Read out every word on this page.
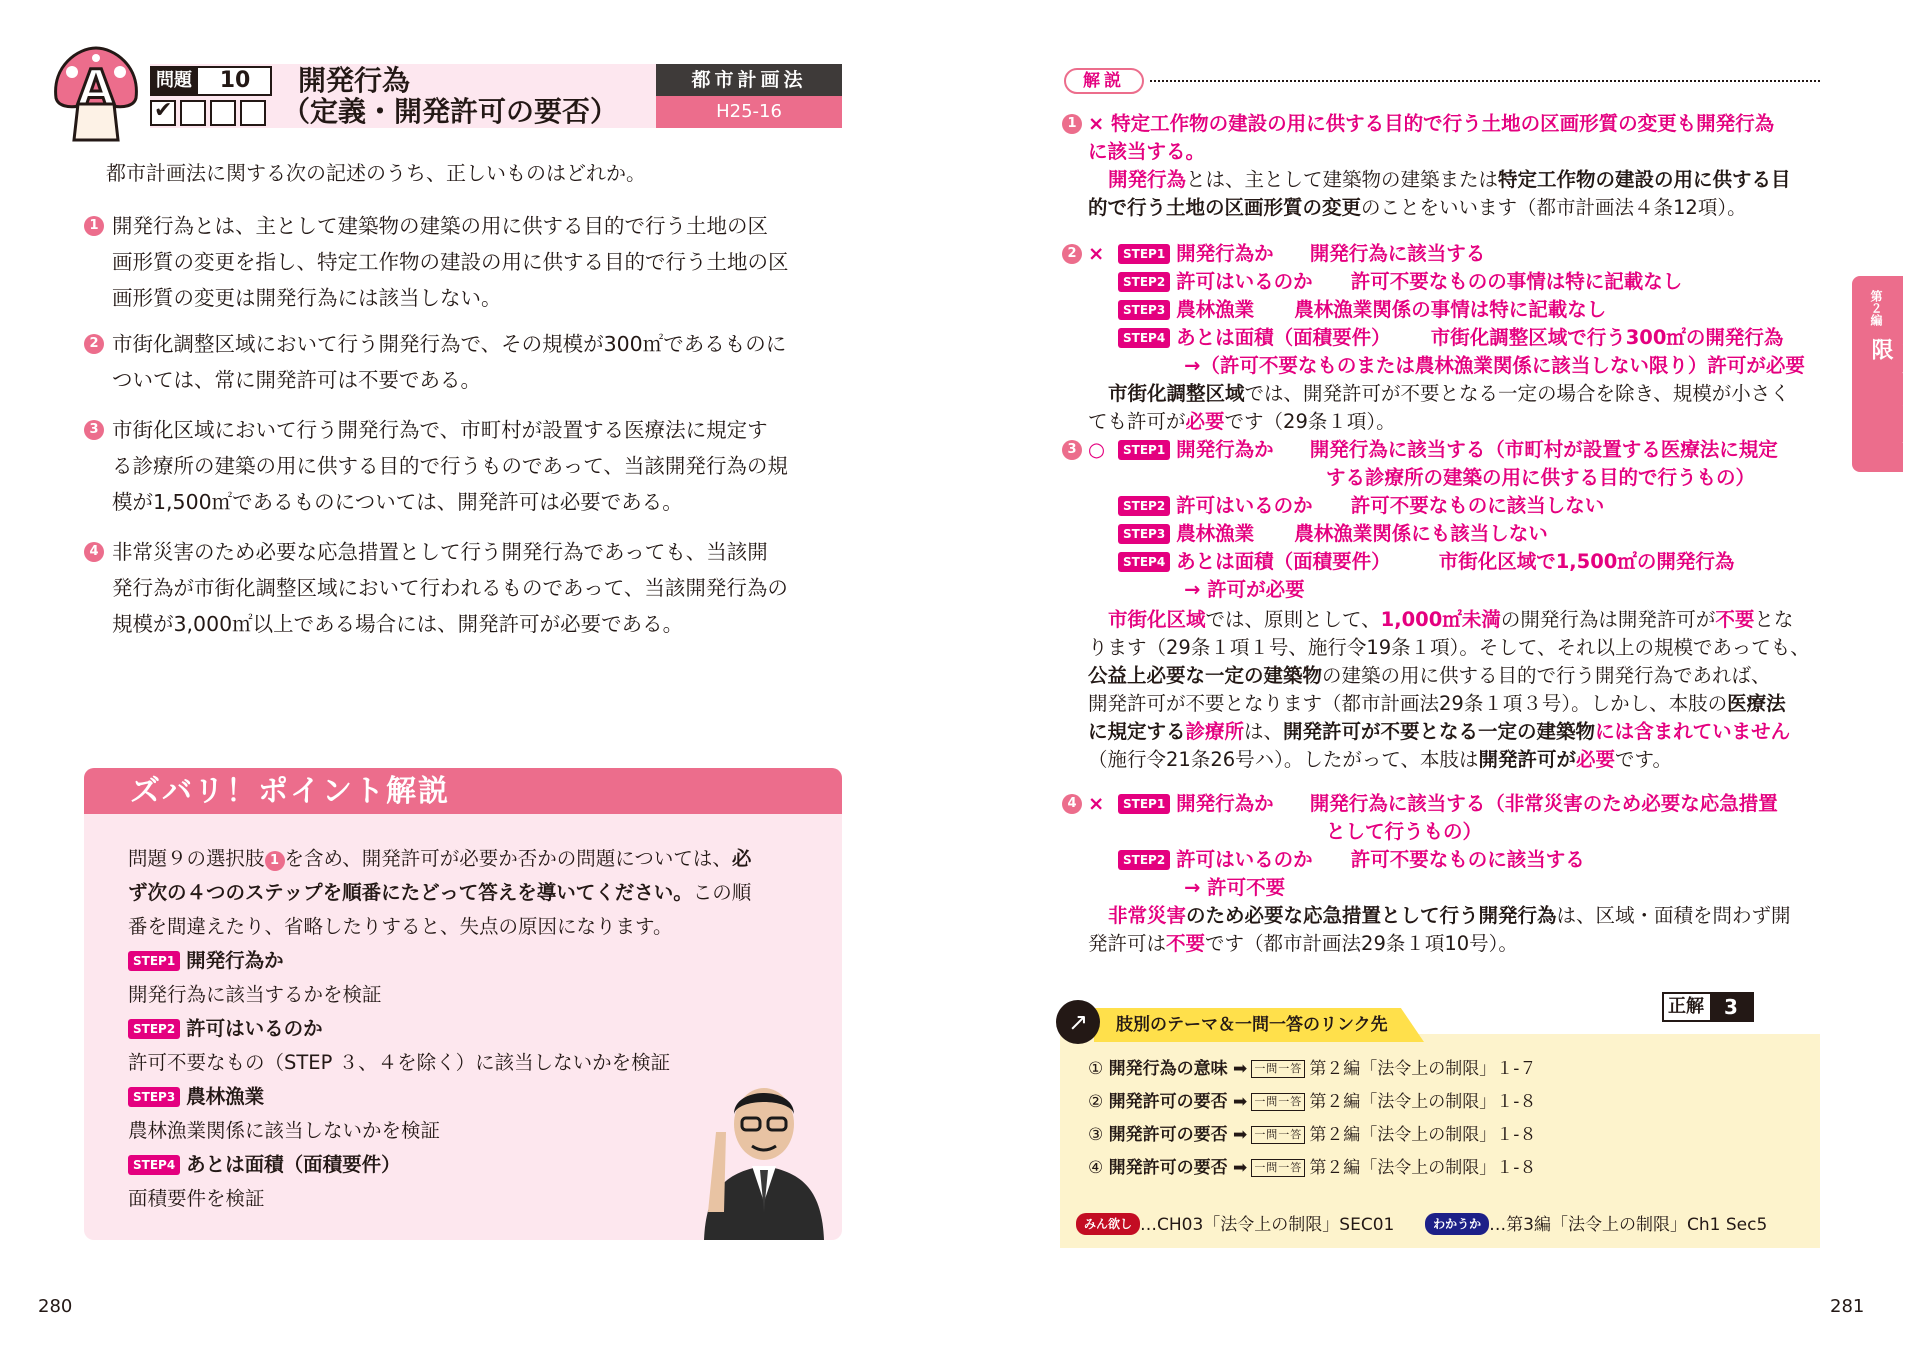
A	問題	10
✔	開発行為
（定義・開発許可の要否）
都市計画法
H25-16
都市計画法に関する次の記述のうち、正しいものはどれか。
1 開発行為とは、主として建築物の建築の用に供する目的で行う土地の区
画形質の変更を指し、特定工作物の建設の用に供する目的で行う土地の区
画形質の変更は開発行為には該当しない。
2 市街化調整区域において行う開発行為で、その規模が300㎡であるものに
ついては、常に開発許可は不要である。
3 市街化区域において行う開発行為で、市町村が設置する医療法に規定す
る診療所の建築の用に供する目的で行うものであって、当該開発行為の規
模が1,500㎡であるものについては、開発許可は必要である。
4 非常災害のため必要な応急措置として行う開発行為であっても、当該開
発行為が市街化調整区域において行われるものであって、当該開発行為の
規模が3,000㎡以上である場合には、開発許可が必要である。
ズバリ！ポイント解説
問題９の選択肢 1 を含め、開発許可が必要か否かの問題については、必
ず次の４つのステップを順番にたどって答えを導いてください。この順
番を間違えたり、省略したりすると、失点の原因になります。
STEP1 開発行為か
開発行為に該当するかを検証
STEP2 許可はいるのか
許可不要なもの（STEP ３、４を除く）に該当しないかを検証
STEP3 農林漁業
農林漁業関係に該当しないかを検証
STEP4 あとは面積（面積要件）
面積要件を検証
280
解説
第２編
法令上の制限
1 × 特定工作物の建設の用に供する目的で行う土地の区画形質の変更も開発行為
に該当する。
開発行為とは、主として建築物の建築または特定工作物の建設の用に供する目
的で行う土地の区画形質の変更のことをいいます（都市計画法４条12項）。
2 ×	STEP1 開発行為か 開発行為に該当する
STEP2 許可はいるのか 許可不要なものの事情は特に記載なし
STEP3 農林漁業 農林漁業関係の事情は特に記載なし
STEP4 あとは面積（面積要件） 市街化調整区域で行う300㎡の開発行為
→（許可不要なものまたは農林漁業関係に該当しない限り）許可が必要
市街化調整区域では、開発許可が不要となる一定の場合を除き、規模が小さく
ても許可が必要です（29条１項）。
3 ○	STEP1 開発行為か 開発行為に該当する（市町村が設置する医療法に規定
する診療所の建築の用に供する目的で行うもの）
STEP2 許可はいるのか 許可不要なものに該当しない
STEP3 農林漁業 農林漁業関係にも該当しない
STEP4 あとは面積（面積要件） 市街化区域で1,500㎡の開発行為
→ 許可が必要
市街化区域では、原則として、1,000㎡未満の開発行為は開発許可が不要とな
ります（29条１項１号、施行令19条１項）。そして、それ以上の規模であっても、
公益上必要な一定の建築物の建築の用に供する目的で行う開発行為であれば、
開発許可が不要となります（都市計画法29条１項３号）。しかし、本肢の医療法
に規定する診療所は、開発許可が不要となる一定の建築物には含まれていません
（施行令21条26号ハ）。したがって、本肢は開発許可が必要です。
4 ×	STEP1 開発行為か 開発行為に該当する（非常災害のため必要な応急措置
として行うもの）
STEP2 許可はいるのか 許可不要なものに該当する
→ 許可不要
非常災害のため必要な応急措置として行う開発行為は、区域・面積を問わず開
発許可は不要です（都市計画法29条１項10号）。
正解	3
↗	肢別のテーマ＆一問一答のリンク先
① 開発行為の意味 ➡ 一問一答 第２編「法令上の制限」１-７
② 開発許可の要否 ➡ 一問一答 第２編「法令上の制限」１-８
③ 開発許可の要否 ➡ 一問一答 第２編「法令上の制限」１-８
④ 開発許可の要否 ➡ 一問一答 第２編「法令上の制限」１-８
みん欲し …CH03「法令上の制限」SEC01	わかうか …第3編「法令上の制限」Ch1 Sec5
281
